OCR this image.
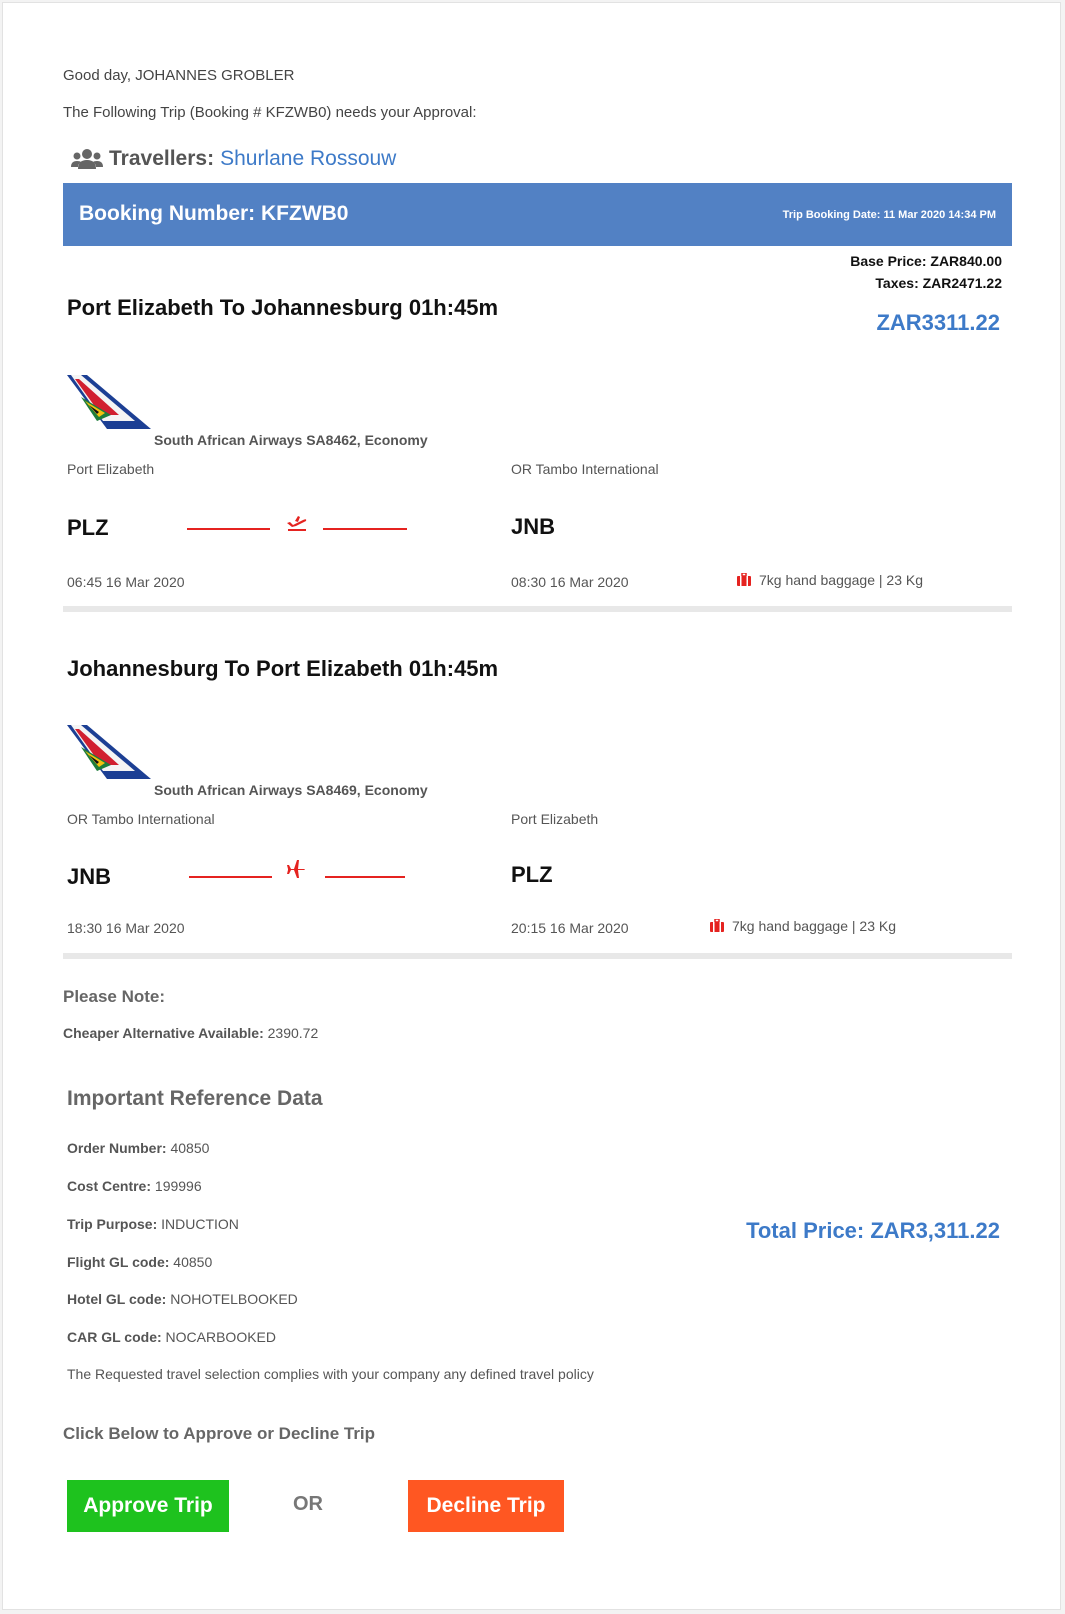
Good day, JOHANNES GROBLER
The Following Trip (Booking # KFZWB0) needs your Approval:
Travellers: Shurlane Rossouw
Booking Number: KFZWB0	Trip Booking Date: 11 Mar 2020 14:34 PM
Base Price: ZAR840.00
Taxes: ZAR2471.22
ZAR3311.22
Port Elizabeth To Johannesburg 01h:45m
South African Airways SA8462, Economy
Port Elizabeth	OR Tambo International
PLZ	JNB
06:45 16 Mar 2020	08:30 16 Mar 2020	7kg hand baggage | 23 Kg
Johannesburg To Port Elizabeth 01h:45m
South African Airways SA8469, Economy
OR Tambo International	Port Elizabeth
JNB	PLZ
18:30 16 Mar 2020	20:15 16 Mar 2020	7kg hand baggage | 23 Kg
Please Note:
Cheaper Alternative Available: 2390.72
Important Reference Data
Order Number: 40850
Cost Centre: 199996
Trip Purpose: INDUCTION
Flight GL code: 40850
Hotel GL code: NOHOTELBOOKED
CAR GL code: NOCARBOOKED
Total Price: ZAR3,311.22
The Requested travel selection complies with your company any defined travel policy
Click Below to Approve or Decline Trip
Approve Trip	OR	Decline Trip
